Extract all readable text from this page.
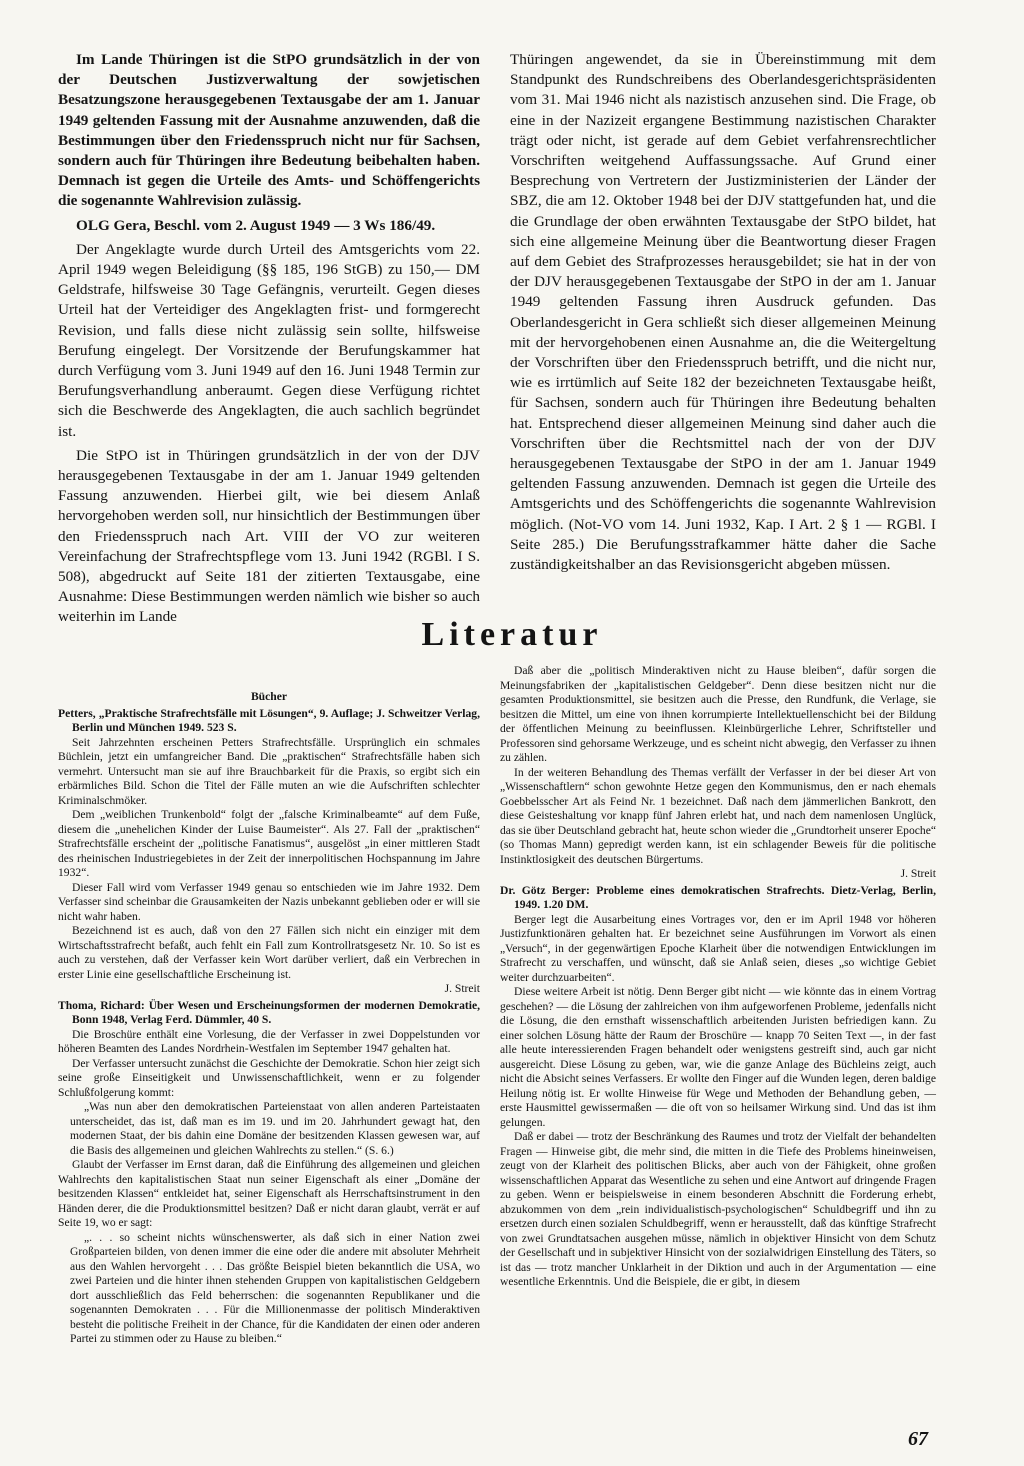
Im Lande Thüringen ist die StPO grundsätzlich in der von der Deutschen Justizverwaltung der sowjetischen Besatzungszone herausgegebenen Textausgabe der am 1. Januar 1949 geltenden Fassung mit der Ausnahme anzuwenden, daß die Bestimmungen über den Friedensspruch nicht nur für Sachsen, sondern auch für Thüringen ihre Bedeutung beibehalten haben. Demnach ist gegen die Urteile des Amts- und Schöffengerichts die sogenannte Wahlrevision zulässig.

OLG Gera, Beschl. vom 2. August 1949 — 3 Ws 186/49.

Der Angeklagte wurde durch Urteil des Amtsgerichts vom 22. April 1949 wegen Beleidigung (§§ 185, 196 StGB) zu 150,— DM Geldstrafe, hilfsweise 30 Tage Gefängnis, verurteilt. Gegen dieses Urteil hat der Verteidiger des Angeklagten frist- und formgerecht Revision, und falls diese nicht zulässig sein sollte, hilfsweise Berufung eingelegt. Der Vorsitzende der Berufungskammer hat durch Verfügung vom 3. Juni 1949 auf den 16. Juni 1948 Termin zur Berufungsverhandlung anberaumt. Gegen diese Verfügung richtet sich die Beschwerde des Angeklagten, die auch sachlich begründet ist.

Die StPO ist in Thüringen grundsätzlich in der von der DJV herausgegebenen Textausgabe in der am 1. Januar 1949 geltenden Fassung anzuwenden. Hierbei gilt, wie bei diesem Anlaß hervorgehoben werden soll, nur hinsichtlich der Bestimmungen über den Friedensspruch nach Art. VIII der VO zur weiteren Vereinfachung der Strafrechtspflege vom 13. Juni 1942 (RGBl. I S. 508), abgedruckt auf Seite 181 der zitierten Textausgabe, eine Ausnahme: Diese Bestimmungen werden nämlich wie bisher so auch weiterhin im Lande

Thüringen angewendet, da sie in Übereinstimmung mit dem Standpunkt des Rundschreibens des Oberlandesgerichtspräsidenten vom 31. Mai 1946 nicht als nazistisch anzusehen sind. Die Frage, ob eine in der Nazizeit ergangene Bestimmung nazistischen Charakter trägt oder nicht, ist gerade auf dem Gebiet verfahrensrechtlicher Vorschriften weitgehend Auffassungssache. Auf Grund einer Besprechung von Vertretern der Justizministerien der Länder der SBZ, die am 12. Oktober 1948 bei der DJV stattgefunden hat, und die die Grundlage der oben erwähnten Textausgabe der StPO bildet, hat sich eine allgemeine Meinung über die Beantwortung dieser Fragen auf dem Gebiet des Strafprozesses herausgebildet; sie hat in der von der DJV herausgegebenen Textausgabe der StPO in der am 1. Januar 1949 geltenden Fassung ihren Ausdruck gefunden. Das Oberlandesgericht in Gera schließt sich dieser allgemeinen Meinung mit der hervorgehobenen einen Ausnahme an, die die Weitergeltung der Vorschriften über den Friedensspruch betrifft, und die nicht nur, wie es irrtümlich auf Seite 182 der bezeichneten Textausgabe heißt, für Sachsen, sondern auch für Thüringen ihre Bedeutung behalten hat. Entsprechend dieser allgemeinen Meinung sind daher auch die Vorschriften über die Rechtsmittel nach der von der DJV herausgegebenen Textausgabe der StPO in der am 1. Januar 1949 geltenden Fassung anzuwenden. Demnach ist gegen die Urteile des Amtsgerichts und des Schöffengerichts die sogenannte Wahlrevision möglich. (Not-VO vom 14. Juni 1932, Kap. I Art. 2 § 1 — RGBl. I Seite 285.) Die Berufungsstrafkammer hätte daher die Sache zuständigkeitshalber an das Revisionsgericht abgeben müssen.

Literatur

Bücher

Petters, „Praktische Strafrechtsfälle mit Lösungen“, 9. Auflage; J. Schweitzer Verlag, Berlin und München 1949. 523 S.

Seit Jahrzehnten erscheinen Petters Strafrechtsfälle. Ursprünglich ein schmales Büchlein, jetzt ein umfangreicher Band. Die „praktischen“ Strafrechtsfälle haben sich vermehrt. Untersucht man sie auf ihre Brauchbarkeit für die Praxis, so ergibt sich ein erbärmliches Bild. Schon die Titel der Fälle muten an wie die Aufschriften schlechter Kriminalschmöker.

Dem „weiblichen Trunkenbold“ folgt der „falsche Kriminalbeamte“ auf dem Fuße, diesem die „unehelichen Kinder der Luise Baumeister“. Als 27. Fall der „praktischen“ Strafrechtsfälle erscheint der „politische Fanatismus“, ausgelöst „in einer mittleren Stadt des rheinischen Industriegebietes in der Zeit der innerpolitischen Hochspannung im Jahre 1932“.

Dieser Fall wird vom Verfasser 1949 genau so entschieden wie im Jahre 1932. Dem Verfasser sind scheinbar die Grausamkeiten der Nazis unbekannt geblieben oder er will sie nicht wahr haben.

Bezeichnend ist es auch, daß von den 27 Fällen sich nicht ein einziger mit dem Wirtschaftsstrafrecht befaßt, auch fehlt ein Fall zum Kontrollratsgesetz Nr. 10. So ist es auch zu verstehen, daß der Verfasser kein Wort darüber verliert, daß ein Verbrechen in erster Linie eine gesellschaftliche Erscheinung ist.

J. Streit

Thoma, Richard: Über Wesen und Erscheinungsformen der modernen Demokratie, Bonn 1948, Verlag Ferd. Dümmler, 40 S.

Die Broschüre enthält eine Vorlesung, die der Verfasser in zwei Doppelstunden vor höheren Beamten des Landes Nordrhein-Westfalen im September 1947 gehalten hat.

Der Verfasser untersucht zunächst die Geschichte der Demokratie. Schon hier zeigt sich seine große Einseitigkeit und Unwissenschaftlichkeit, wenn er zu folgender Schlußfolgerung kommt:

„Was nun aber den demokratischen Parteienstaat von allen anderen Parteistaaten unterscheidet, das ist, daß man es im 19. und im 20. Jahrhundert gewagt hat, den modernen Staat, der bis dahin eine Domäne der besitzenden Klassen gewesen war, auf die Basis des allgemeinen und gleichen Wahlrechts zu stellen.“ (S. 6.)

Glaubt der Verfasser im Ernst daran, daß die Einführung des allgemeinen und gleichen Wahlrechts den kapitalistischen Staat nun seiner Eigenschaft als einer „Domäne der besitzenden Klassen“ entkleidet hat, seiner Eigenschaft als Herrschaftsinstrument in den Händen derer, die die Produktionsmittel besitzen? Daß er nicht daran glaubt, verrät er auf Seite 19, wo er sagt:

„. . . so scheint nichts wünschenswerter, als daß sich in einer Nation zwei Großparteien bilden, von denen immer die eine oder die andere mit absoluter Mehrheit aus den Wahlen hervorgeht . . . Das größte Beispiel bieten bekanntlich die USA, wo zwei Parteien und die hinter ihnen stehenden Gruppen von kapitalistischen Geldgebern dort ausschließlich das Feld beherrschen: die sogenannten Republikaner und die sogenannten Demokraten . . . Für die Millionenmasse der politisch Minderaktiven besteht die politische Freiheit in der Chance, für die Kandidaten der einen oder anderen Partei zu stimmen oder zu Hause zu bleiben.“

Daß aber die „politisch Minderaktiven nicht zu Hause bleiben“, dafür sorgen die Meinungsfabriken der „kapitalistischen Geldgeber“. Denn diese besitzen nicht nur die gesamten Produktionsmittel, sie besitzen auch die Presse, den Rundfunk, die Verlage, sie besitzen die Mittel, um eine von ihnen korrumpierte Intellektuellenschicht bei der Bildung der öffentlichen Meinung zu beeinflussen. Kleinbürgerliche Lehrer, Schriftsteller und Professoren sind gehorsame Werkzeuge, und es scheint nicht abwegig, den Verfasser zu ihnen zu zählen.

In der weiteren Behandlung des Themas verfällt der Verfasser in der bei dieser Art von „Wissenschaftlern“ schon gewohnte Hetze gegen den Kommunismus, den er nach ehemals Goebbelsscher Art als Feind Nr. 1 bezeichnet. Daß nach dem jämmerlichen Bankrott, den diese Geisteshaltung vor knapp fünf Jahren erlebt hat, und nach dem namenlosen Unglück, das sie über Deutschland gebracht hat, heute schon wieder die „Grundtorheit unserer Epoche“ (so Thomas Mann) gepredigt werden kann, ist ein schlagender Beweis für die politische Instinktlosigkeit des deutschen Bürgertums.

J. Streit

Dr. Götz Berger: Probleme eines demokratischen Strafrechts. Dietz-Verlag, Berlin, 1949. 1.20 DM.

Berger legt die Ausarbeitung eines Vortrages vor, den er im April 1948 vor höheren Justizfunktionären gehalten hat. Er bezeichnet seine Ausführungen im Vorwort als einen „Versuch“, in der gegenwärtigen Epoche Klarheit über die notwendigen Entwicklungen im Strafrecht zu verschaffen, und wünscht, daß sie Anlaß seien, dieses „so wichtige Gebiet weiter durchzuarbeiten“.

Diese weitere Arbeit ist nötig. Denn Berger gibt nicht — wie könnte das in einem Vortrag geschehen? — die Lösung der zahlreichen von ihm aufgeworfenen Probleme, jedenfalls nicht die Lösung, die den ernsthaft wissenschaftlich arbeitenden Juristen befriedigen kann. Zu einer solchen Lösung hätte der Raum der Broschüre — knapp 70 Seiten Text —, in der fast alle heute interessierenden Fragen behandelt oder wenigstens gestreift sind, auch gar nicht ausgereicht. Diese Lösung zu geben, war, wie die ganze Anlage des Büchleins zeigt, auch nicht die Absicht seines Verfassers. Er wollte den Finger auf die Wunden legen, deren baldige Heilung nötig ist. Er wollte Hinweise für Wege und Methoden der Behandlung geben, — erste Hausmittel gewissermaßen — die oft von so heilsamer Wirkung sind. Und das ist ihm gelungen.

Daß er dabei — trotz der Beschränkung des Raumes und trotz der Vielfalt der behandelten Fragen — Hinweise gibt, die mehr sind, die mitten in die Tiefe des Problems hineinweisen, zeugt von der Klarheit des politischen Blicks, aber auch von der Fähigkeit, ohne großen wissenschaftlichen Apparat das Wesentliche zu sehen und eine Antwort auf dringende Fragen zu geben. Wenn er beispielsweise in einem besonderen Abschnitt die Forderung erhebt, abzukommen von dem „rein individualistisch-psychologischen“ Schuldbegriff und ihn zu ersetzen durch einen sozialen Schuldbegriff, wenn er herausstellt, daß das künftige Strafrecht von zwei Grundtatsachen ausgehen müsse, nämlich in objektiver Hinsicht von dem Schutz der Gesellschaft und in subjektiver Hinsicht von der sozialwidrigen Einstellung des Täters, so ist das — trotz mancher Unklarheit in der Diktion und auch in der Argumentation — eine wesentliche Erkenntnis. Und die Beispiele, die er gibt, in diesem

67
